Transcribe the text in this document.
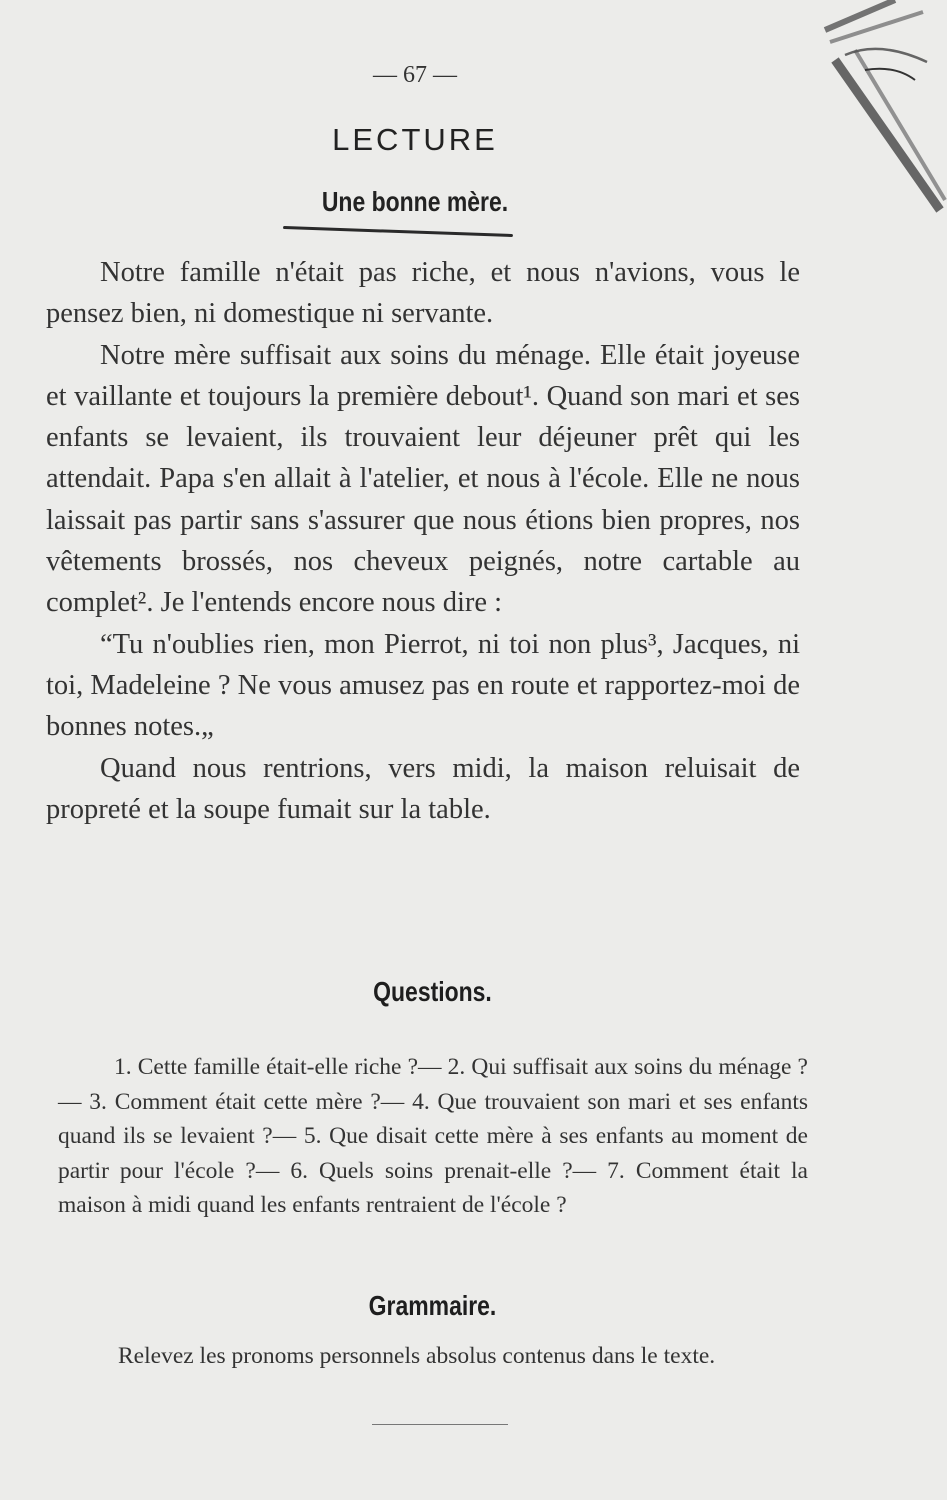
— 67 —
LECTURE
Une bonne mère.

Notre famille n'était pas riche, et nous n'avions, vous le pensez bien, ni domestique ni servante.

Notre mère suffisait aux soins du ménage. Elle était joyeuse et vaillante et toujours la première debout¹. Quand son mari et ses enfants se levaient, ils trouvaient leur déjeuner prêt qui les attendait. Papa s'en allait à l'atelier, et nous à l'école. Elle ne nous laissait pas partir sans s'assurer que nous étions bien propres, nos vêtements brossés, nos cheveux peignés, notre cartable au complet². Je l'entends encore nous dire :

“Tu n'oublies rien, mon Pierrot, ni toi non plus³, Jacques, ni toi, Madeleine ? Ne vous amusez pas en route et rapportez-moi de bonnes notes.„

Quand nous rentrions, vers midi, la maison reluisait de propreté et la soupe fumait sur la table.

Questions.

1. Cette famille était-elle riche ?— 2. Qui suffisait aux soins du ménage ?— 3. Comment était cette mère ?— 4. Que trouvaient son mari et ses enfants quand ils se levaient ?— 5. Que disait cette mère à ses enfants au moment de partir pour l'école ?— 6. Quels soins prenait-elle ?— 7. Comment était la maison à midi quand les enfants rentraient de l'école ?

Grammaire.

Relevez les pronoms personnels absolus contenus dans le texte.
